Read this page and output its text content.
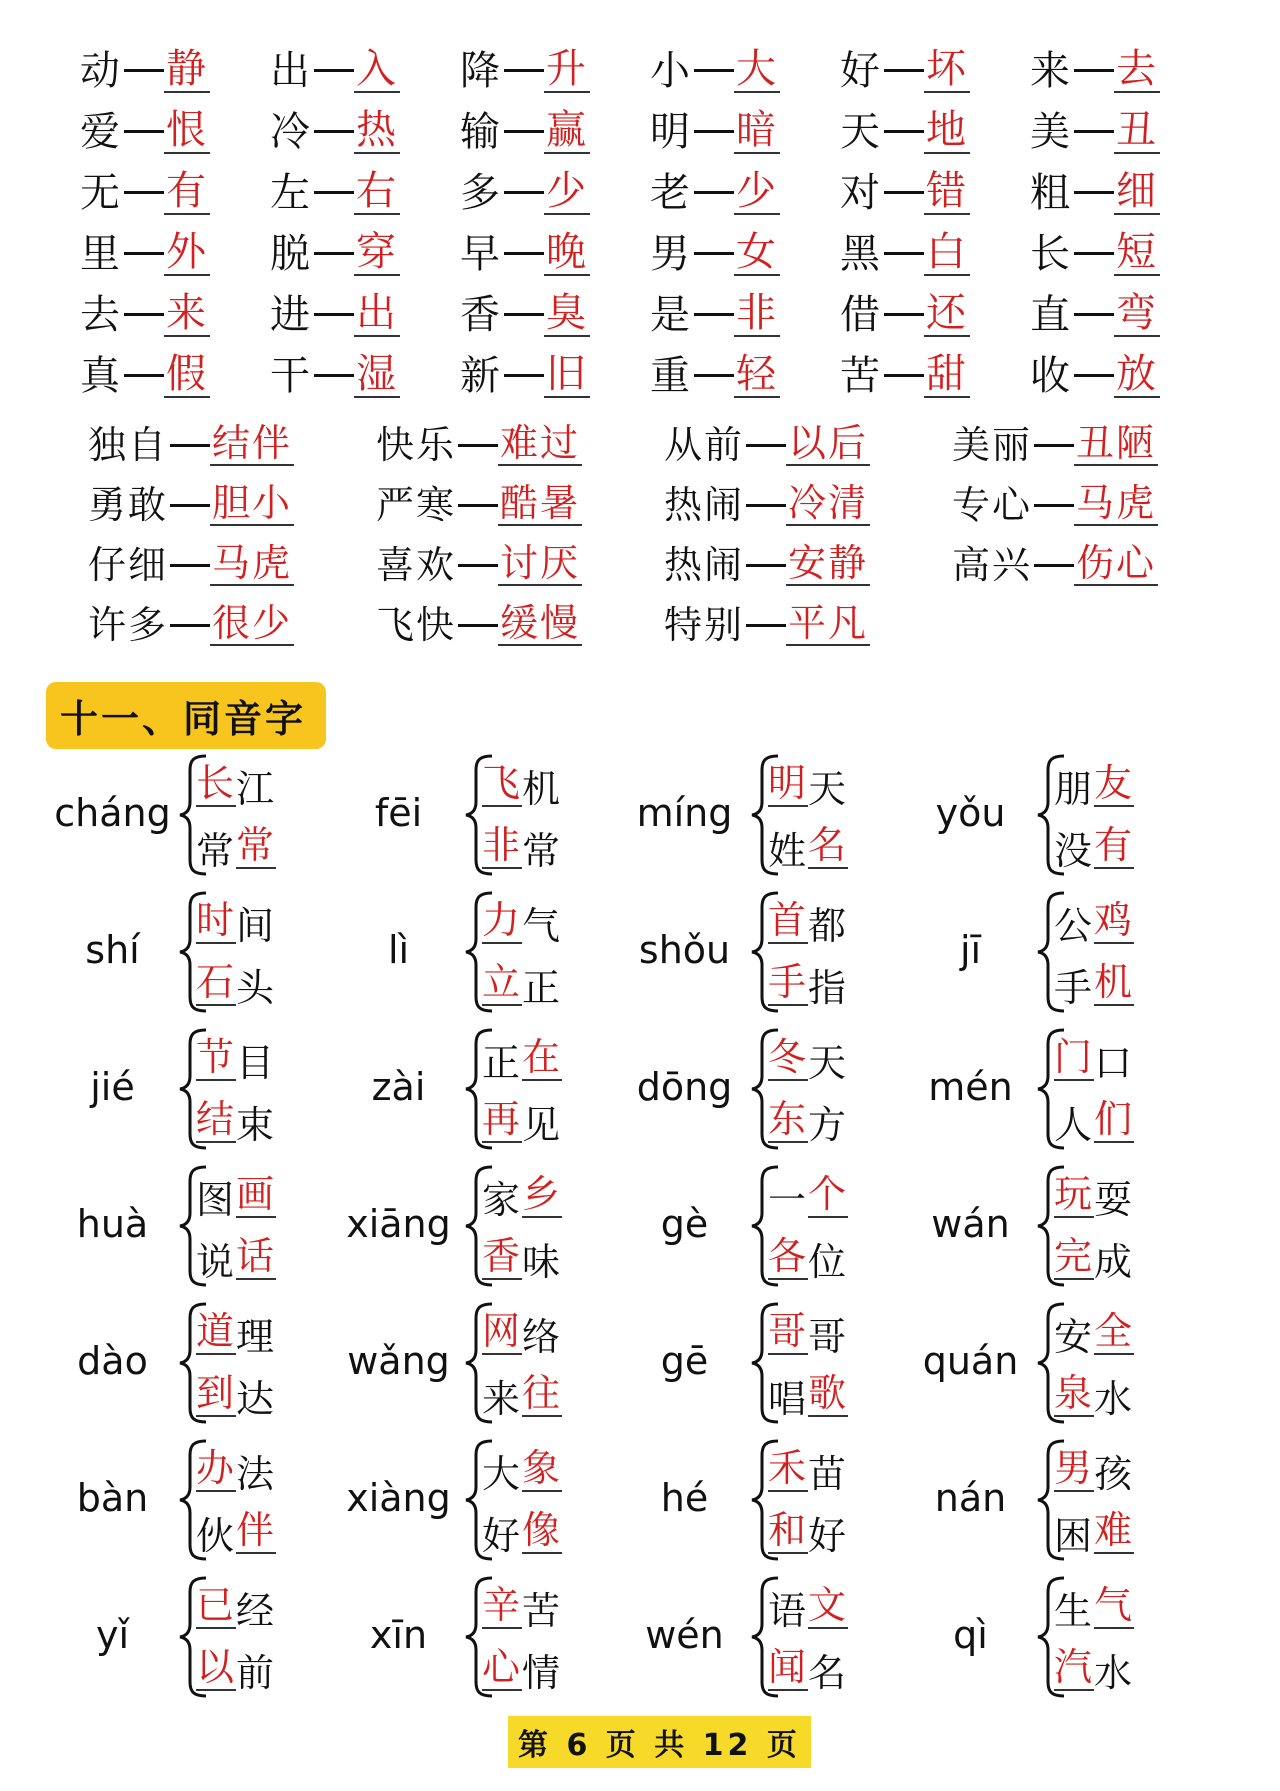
动 静 出 入 降 升 小 大 好 坏 来 去
爱 恨 冷 热 输 赢 明 暗 天 地 美 丑
无 有 左 右 多 少 老 少 对 错 粗 细
里 外 脱 穿 早 晚 男 女 黑 白 长 短
去 来 进 出 香 臭 是 非 借 还 直 弯
真 假 干 湿 新 旧 重 轻 苦 甜 收 放
独自 结伴 快乐 难过 从前 以后 美丽 丑陋
勇敢 胆小 严寒 酷暑 热闹 冷清 专心 马虎
仔细 马虎 喜欢 讨厌 热闹 安静 高兴 伤心
许多 很少 飞快 缓慢 特别 平凡
十一、同音字
cháng
长 江
常 常
fēi
飞 机
非 常
míng
明 天
姓 名
yǒu
朋 友
没 有
shí
时 间
石 头
lì
力 气
立 正
shǒu
首 都
手 指
jī
公 鸡
手 机
jié
节 目
结 束
zài
正 在
再 见
dōng
冬 天
东 方
mén
门 口
人 们
huà
图 画
说 话
xiāng
家 乡
香 味
gè
一 个
各 位
wán
玩 耍
完 成
dào
道 理
到 达
wǎng
网 络
来 往
gē
哥 哥
唱 歌
quán
安 全
泉 水
bàn
办 法
伙 伴
xiàng
大 象
好 像
hé
禾 苗
和 好
nán
男 孩
困 难
yǐ
已 经
以 前
xīn
辛 苦
心 情
wén
语 文
闻 名
qì
生 气
汽 水
第 6 页 共 12 页
